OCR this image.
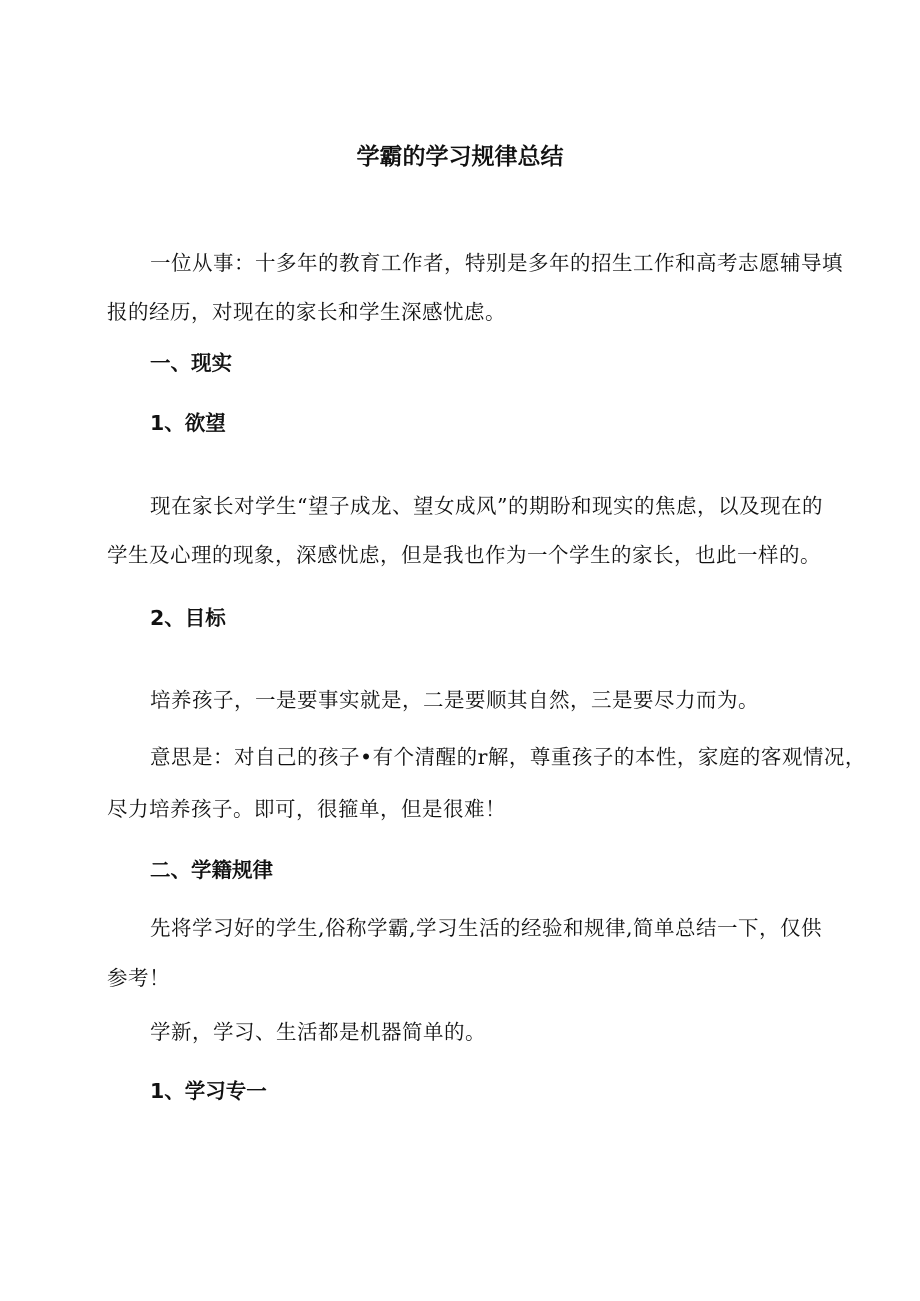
学霸的学习规律总结
一位从事：十多年的教育工作者，特别是多年的招生工作和高考志愿辅导填
报的经历，对现在的家长和学生深感忧虑。
一、现实
1、欲望
现在家长对学生“望子成龙、望女成风”的期盼和现实的焦虑，以及现在的
学生及心理的现象，深感忧虑，但是我也作为一个学生的家长，也此一样的。
2、目标
培养孩子，一是要事实就是，二是要顺其自然，三是要尽力而为。
意思是：对自己的孩子•有个清醒的r解，尊重孩子的本性，家庭的客观情况，
尽力培养孩子。即可，很箍单，但是很难！
二、学籍规律
先将学习好的学生,俗称学霸,学习生活的经验和规律,简单总结一下，仅供
参考！
学新，学习、生活都是机器简单的。
1、学习专一
